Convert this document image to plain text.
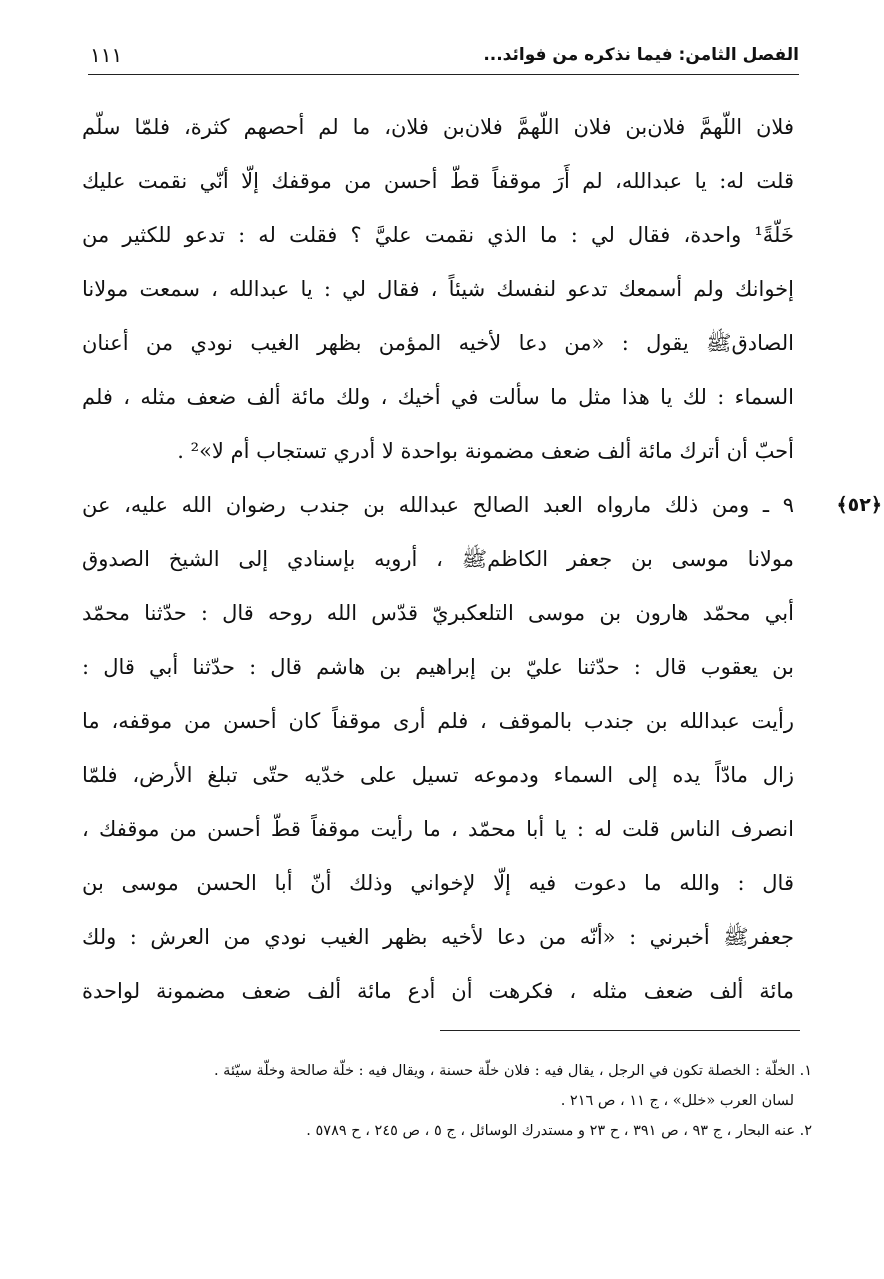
الفصل الثامن: فيما نذكره من فوائد...
١١١
فلان اللّهمَّ فلان‌بن فلان اللّهمَّ فلان‌بن فلان، ما لم أحصهم كثرة، فلمّا سلّم
قلت له: يا عبدالله، لم أَرَ موقفاً قطّ أحسن من موقفك إلّا أنّي نقمت عليك
خَلّةً¹ واحدة، فقال لي : ما الذي نقمت عليَّ ؟ فقلت له : تدعو للكثير من
إخوانك ولم أسمعك تدعو لنفسك شيئاً ، فقال لي : يا عبدالله ، سمعت مولانا
الصادقﷺ يقول : «من دعا لأخيه المؤمن بظهر الغيب نودي من أعنان
السماء : لك يا هذا مثل ما سألت في أخيك ، ولك مائة ألف ضعف مثله ، فلم
أحبّ أن أترك مائة ألف ضعف مضمونة بواحدة لا أدري تستجاب أم لا»² .
﴿٥٢﴾
٩ ـ ومن ذلك مارواه العبد الصالح عبدالله بن جندب رضوان الله عليه، عن
مولانا موسى بن جعفر الكاظمﷺ ، أرويه بإسنادي إلى الشيخ الصدوق
أبي محمّد هارون بن موسى التلعكبريّ قدّس الله روحه قال : حدّثنا محمّد
بن يعقوب قال : حدّثنا عليّ بن إبراهيم بن هاشم قال : حدّثنا أبي قال :
رأيت عبدالله بن جندب بالموقف ، فلم أرى موقفاً كان أحسن من موقفه، ما
زال مادّاً يده إلى السماء ودموعه تسيل على خدّيه حتّى تبلغ الأرض، فلمّا
انصرف الناس قلت له : يا أبا محمّد ، ما رأيت موقفاً قطّ أحسن من موقفك ،
قال : والله ما دعوت فيه إلّا لإخواني وذلك أنّ أبا الحسن موسى بن
جعفرﷺ أخبرني : «أنّه من دعا لأخيه بظهر الغيب نودي من العرش : ولك
مائة ألف ضعف مثله ، فكرهت أن أدع مائة ألف ضعف مضمونة لواحدة
١. الخلّة : الخصلة تكون في الرجل ، يقال فيه : فلان خلّة حسنة ، ويقال فيه : خلّة صالحة وخلّة سيّئة .
لسان العرب «خلل» ، ج ١١ ، ص ٢١٦ .
٢. عنه البحار ، ج ٩٣ ، ص ٣٩١ ، ح ٢٣ و مستدرك الوسائل ، ج ٥ ، ص ٢٤٥ ، ح ٥٧٨٩ .
